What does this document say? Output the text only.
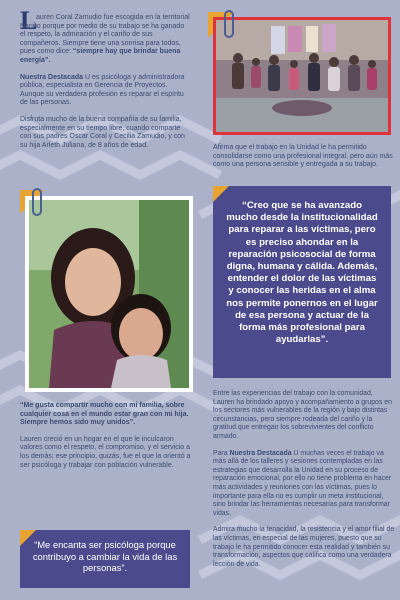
L

auren Coral Zamudio fue escogida en la territorial Nariño porque por medio de su trabajo se ha ganado el respeto, la admiración y el cariño de sus compañeros. Siempre tiene una sonrisa para todos, pues como dice: “siempre hay que brindar buena energía”.

Nuestra Destacada U es psicóloga y administradora pública, especialista en Gerencia de Proyectos. Aunque su verdadera profesión es reparar el espíritu de las personas.

Disfruta mucho de la buena compañía de su familia, especialmente en su tiempo libre, cuando comparte con sus padres Oscar Coral y Cecilia Zamudio, y con su hija Arleth Juliana, de 8 años de edad.	Afirma que el trabajo en la Unidad le ha permitido consolidarse como una profesional integral, pero aún más como una persona sensible y entregada a su trabajo.
“Creo que se ha avanzado mucho desde la institucionalidad para reparar a las víctimas, pero es preciso ahondar en la reparación psicosocial de forma digna, humana y cálida. Además, entender el dolor de las víctimas y conocer las heridas en el alma nos permite ponernos en el lugar de esa persona y actuar de la forma más profesional para ayudarlas”.

“Me gusta compartir mucho con mi familia, sobre cualquier cosa en el mundo estar gran con mi hija. Siempre hemos sido muy unidos”.

Lauren creció en un hogar en el que le inculcaron valores como el respeto, el compromiso, y el servicio a los demás; ese principio, quizás, fue el que la orientó a ser psicóloga y trabajar con población vulnerable.

“Me encanta ser psicóloga porque contribuyo a cambiar la vida de las personas”.

Entre las experiencias del trabajo con la comunidad, Lauren ha brindado apoyo y acompañamiento a grupos en los sectores más vulnerables de la región y bajo distintas circunstancias, pero siempre rodeada del cariño y la gratitud que entregan los sobrevivientes del conflicto armado.

Para Nuestra Destacada U muchas veces el trabajo va más allá de los talleres y sesiones contempladas en las estrategias que desarrolla la Unidad en su proceso de reparación emocional, por ello no tiene problema en hacer más actividades y reuniones con las víctimas, pues lo importante para ella no es cumplir un meta institucional, sino brindar las herramientas necesarias para transformar vidas.

Admira mucho la tenacidad, la resistencia y el amor filial de las víctimas, en especial de las mujeres, puesto que su trabajo le ha permitido conocer esta realidad y también su transformación, aspectos que califica como una verdadera lección de vida.
